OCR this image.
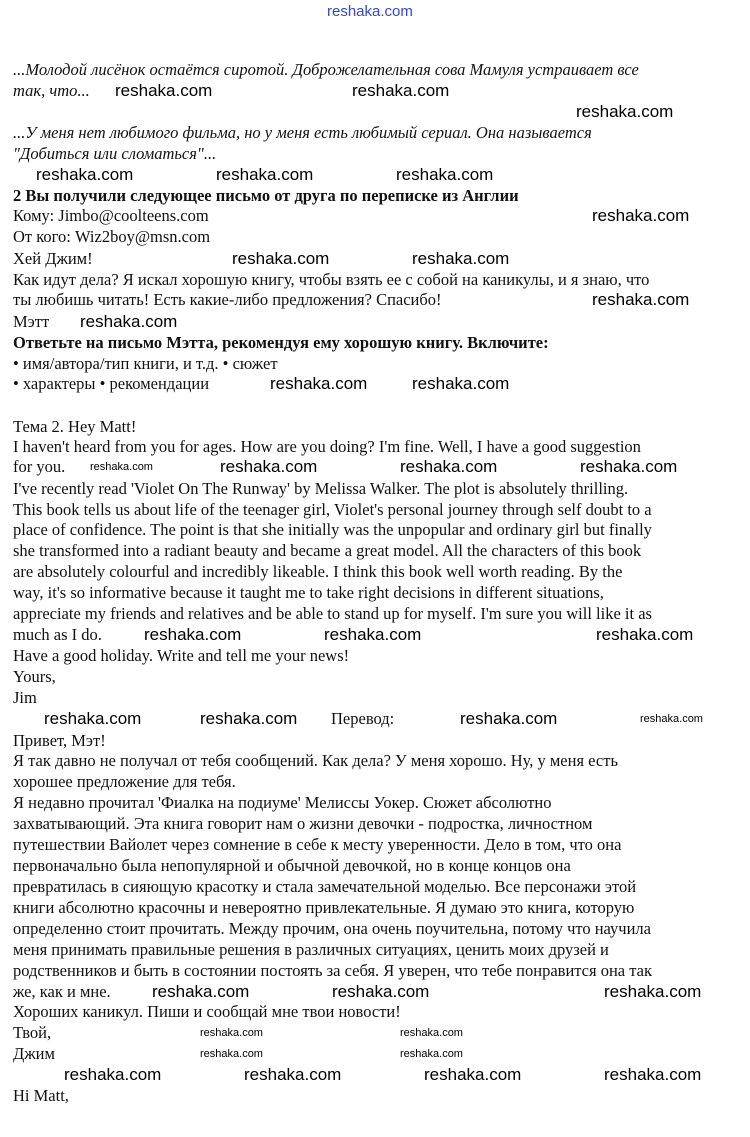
...Молодой лисёнок остаётся сиротой. Доброжелательная сова Мамуля устраивает все
так, что...
...У меня нет любимого фильма, но у меня есть любимый сериал. Она называется
"Добиться или сломаться"...
2 Вы получили следующее письмо от друга по переписке из Англии
Кому: Jimbo@coolteens.com
От кого: Wiz2boy@msn.com
Хей Джим!
Как идут дела? Я искал хорошую книгу, чтобы взять ее с собой на каникулы, и я знаю, что
ты любишь читать! Есть какие-либо предложения? Спасибо!
Мэтт
Ответьте на письмо Мэтта, рекомендуя ему хорошую книгу. Включите:
• имя/автора/тип книги, и т.д. • сюжет
• характеры • рекомендации
Тема 2. Hey Matt!
I haven't heard from you for ages. How are you doing? I'm fine. Well, I have a good suggestion
for you.
I've recently read 'Violet On The Runway' by Melissa Walker. The plot is absolutely thrilling.
This book tells us about life of the teenager girl, Violet's personal journey through self doubt to a
place of confidence. The point is that she initially was the unpopular and ordinary girl but finally
she transformed into a radiant beauty and became a great model. All the characters of this book
are absolutely colourful and incredibly likeable. I think this book well worth reading. By the
way, it's so informative because it taught me to take right decisions in different situations,
appreciate my friends and relatives and be able to stand up for myself. I'm sure you will like it as
much as I do.
Have a good holiday. Write and tell me your news!
Yours,
Jim
Перевод:
Привет, Мэт!
Я так давно не получал от тебя сообщений. Как дела? У меня хорошо. Ну, у меня есть
хорошее предложение для тебя.
Я недавно прочитал 'Фиалка на подиуме' Мелиссы Уокер. Сюжет абсолютно
захватывающий. Эта книга говорит нам о жизни девочки - подростка, личностном
путешествии Вайолет через сомнение в себе к месту уверенности. Дело в том, что она
первоначально была непопулярной и обычной девочкой, но в конце концов она
превратилась в сияющую красотку и стала замечательной моделью. Все персонажи этой
книги абсолютно красочны и невероятно привлекательные. Я думаю это книга, которую
определенно стоит прочитать. Между прочим, она очень поучительна, потому что научила
меня принимать правильные решения в различных ситуациях, ценить моих друзей и
родственников и быть в состоянии постоять за себя. Я уверен, что тебе понравится она так
же, как и мне.
Хороших каникул. Пиши и сообщай мне твои новости!
Твой,
Джим
Hi Matt,
reshaka.com
reshaka.com	reshaka.com
reshaka.com
reshaka.com	reshaka.com	reshaka.com
reshaka.com
reshaka.com	reshaka.com
reshaka.com
reshaka.com
reshaka.com	reshaka.com
reshaka.com	reshaka.com	reshaka.com	reshaka.com
reshaka.com	reshaka.com	reshaka.com
reshaka.com	reshaka.com	reshaka.com	reshaka.com
reshaka.com	reshaka.com
reshaka.com	reshaka.com
reshaka.com	reshaka.com	reshaka.com
reshaka.com	reshaka.com	reshaka.com	reshaka.com
